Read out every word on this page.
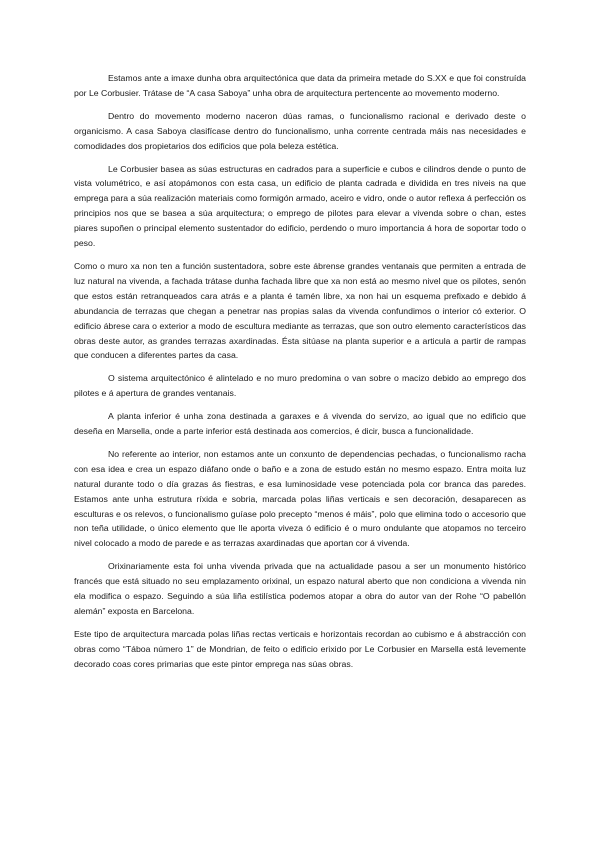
Estamos ante a imaxe dunha obra arquitectónica que data da primeira metade do S.XX e que foi construída por Le Corbusier. Trátase de “A casa Saboya” unha obra de arquitectura pertencente ao movemento moderno.

Dentro do movemento moderno naceron dúas ramas, o funcionalismo racional e derivado deste o organicismo. A casa Saboya clasifícase dentro do funcionalismo, unha corrente centrada máis nas necesidades e comodidades dos propietarios dos edificios que pola beleza estética.

Le Corbusier basea as súas estructuras en cadrados para a superficie e cubos e cilindros dende o punto de vista volumétrico, e así atopámonos con esta casa, un edificio de planta cadrada e dividida en tres niveis na que emprega para a súa realización materiais como formigón armado, aceiro e vidro, onde o autor reflexa á perfección os principios nos que se basea a súa arquitectura; o emprego de pilotes para elevar a vivenda sobre o chan, estes piares supoñen o principal elemento sustentador do edificio, perdendo o muro importancia á hora de soportar todo o peso.

Como o muro xa non ten a función sustentadora, sobre este ábrense grandes ventanais que permiten a entrada de luz natural na vivenda, a fachada trátase dunha fachada libre que xa non está ao mesmo nivel que os pilotes, senón que estos están retranqueados cara atrás e a planta é tamén libre, xa non hai un esquema prefixado e debido á abundancia de terrazas que chegan a penetrar nas propias salas da vivenda confundimos o interior có exterior. O edificio ábrese cara o exterior a modo de escultura mediante as terrazas, que son outro elemento característicos das obras deste autor, as grandes terrazas axardinadas. Ésta sitúase na planta superior e a articula a partir de rampas que conducen a diferentes partes da casa.

O sistema arquitectónico é alintelado e no muro predomina o van sobre o macizo debido ao emprego dos pilotes e á apertura de grandes ventanais.

A planta inferior é unha zona destinada a garaxes e á vivenda do servizo, ao igual que no edificio que deseña en Marsella, onde a parte inferior está destinada aos comercios, é dicir, busca a funcionalidade.

No referente ao interior, non estamos ante un conxunto de dependencias pechadas, o funcionalismo racha con esa idea e crea un espazo diáfano onde o baño e a zona de estudo están no mesmo espazo. Entra moita luz natural durante todo o día grazas ás fiestras, e esa luminosidade vese potenciada pola cor branca das paredes. Estamos ante unha estrutura ríxida e sobria, marcada polas liñas verticais e sen decoración, desaparecen as esculturas e os relevos, o funcionalismo guíase polo precepto “menos é máis”, polo que elimina todo o accesorio que non teña utilidade, o único elemento que lle aporta viveza ó edificio é o muro ondulante que atopamos no terceiro nivel colocado a modo de parede e as terrazas axardinadas que aportan cor á vivenda.

Orixinariamente esta foi unha vivenda privada que na actualidade pasou a ser un monumento histórico francés que está situado no seu emplazamento orixinal, un espazo natural aberto que non condiciona a vivenda nin ela modifica o espazo. Seguindo a súa liña estilística podemos atopar a obra do autor van der Rohe “O pabellón alemán” exposta en Barcelona.

Este tipo de arquitectura marcada polas liñas rectas verticais e horizontais recordan ao cubismo e á abstracción con obras como “Táboa número 1” de Mondrian, de feito o edificio erixido por Le Corbusier en Marsella está levemente decorado coas cores primarias que este pintor emprega nas súas obras.
